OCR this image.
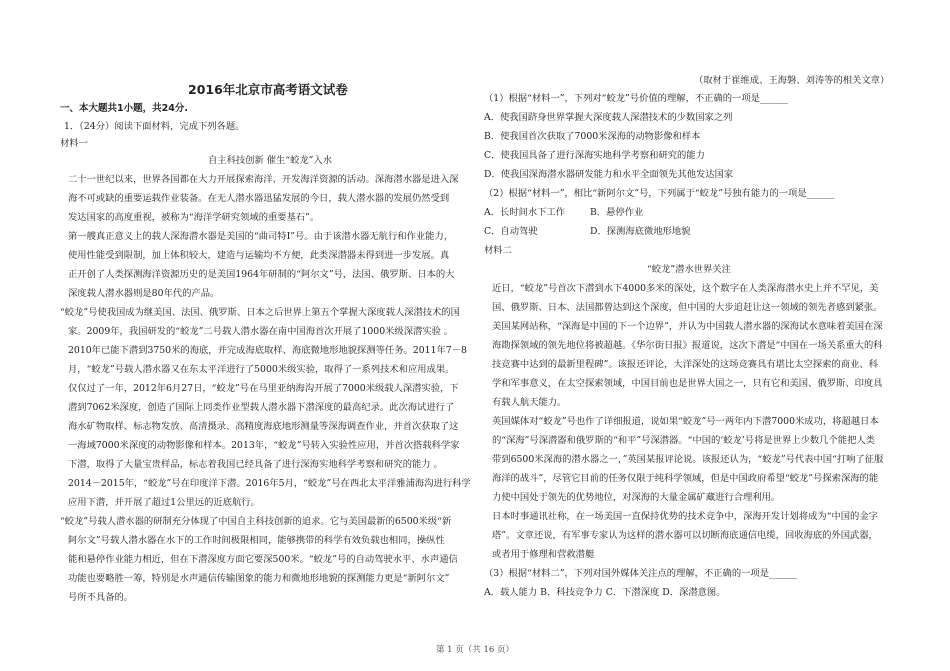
2016年北京市高考语文试卷
一、本大题共1小题，共24分.
1．（24分）阅读下面材料，完成下列各题。
材料一
自主科技创新 催生“蛟龙”入水
二十一世纪以来，世界各国都在大力开展探索海洋、开发海洋资源的活动。深海潜水器是进入深
海不可或缺的重要运载作业装备。在无人潜水器迅猛发展的今日，载人潜水器的发展仍然受到
发达国家的高度重视，被称为“海洋学研究领域的重要基石”。
第一艘真正意义上的载人深海潜水器是美国的“曲司特Ⅰ”号。由于该潜水器无航行和作业能力，
使用性能受到限制，加上体积较大，建造与运输均不方便，此类深潜器未得到进一步发展。真
正开创了人类探测海洋资源历史的是美国1964年研制的“阿尔文”号，法国、俄罗斯、日本的大
深度载人潜水器则是80年代的产品。
“蛟龙”号使我国成为继美国、法国、俄罗斯、日本之后世界上第五个掌握大深度载人深潜技术的国
家。2009年，我国研发的“蛟龙”二号载人潜水器在南中国海首次开展了1000米级深潜实验 。
2010年已能下潜到3750米的海底，并完成海底取样、海底微地形地貌探测等任务。2011年7－8
月，“蛟龙”号载人潜水器又在东太平洋进行了5000米级实验，取得了一系列技术和应用成果。
仅仅过了一年，2012年6月27日，“蛟龙”号在马里亚纳海沟开展了7000米级载人深潜实验，下
潜到7062米深度，创造了国际上同类作业型载人潜水器下潜深度的最高纪录。此次海试进行了
海水矿物取样、标志物发放、高清摄录、高精度海底地形测量等深海调查作业，并首次获取了这
一海域7000米深度的动物影像和样本。2013年，“蛟龙”号转入实验性应用，并首次搭载科学家
下潜，取得了大量宝贵样品，标志着我国已经具备了进行深海实地科学考察和研究的能力 。
2014－2015年，“蛟龙”号在印度洋下潜。2016年5月，“蛟龙”号在西北太平洋雅浦海沟进行科学
应用下潜，并开展了超过1公里远的近底航行。
“蛟龙”号载人潜水器的研制充分体现了中国自主科技创新的追求。它与美国最新的6500米级“新
阿尔文”号载人潜水器在水下的工作时间极限相同，能够携带的科学有效负载也相同，操纵性
能和悬停作业能力相近，但在下潜深度方面它要深500米。“蛟龙”号的自动驾驶水平、水声通信
功能也要略胜一筹，特别是水声通信传输图象的能力和微地形地貌的探测能力更是“新阿尔文”
号所不具备的。
（取材于崔维成、王海磐、刘涛等的相关文章）
（1）根据“材料一”，下列对“蛟龙”号价值的理解，不正确的一项是______
A．使我国跻身世界掌握大深度载人深潜技术的少数国家之列
B．使我国首次获取了7000米深海的动物影像和样本
C．使我国具备了进行深海实地科学考察和研究的能力
D．使我国深海潜水器研发能力和水平全面领先其他发达国家
（2）根据“材料一”，相比“新阿尔文”号，下列属于“蛟龙”号独有能力的一项是______
A．长时间水下工作	B．悬停作业
C．自动驾驶	D．探测海底微地形地貌
材料二
“蛟龙”潜水世界关注
近日，“蛟龙”号首次下潜到水下4000多米的深处，这个数字在人类深海潜水史上并不罕见，美
国、俄罗斯、日本、法国都曾达到这个深度，但中国的大步追赶让这一领域的领先者感到紧张。
美国某网站称，“深海是中国的下一个边界”，并认为中国载人潜水器的深海试水意味着美国在深
海勘探领域的领先地位将被超越。《华尔街日报》报道说，这次下潜是“中国在一场关系重大的科
技竞赛中达到的最新里程碑”。该报还评论，大洋深处的这场竞赛具有堪比太空探索的商业、科
学和军事意义，在太空探索领域，中国目前也是世界大国之一，只有它和美国、俄罗斯、印度具
有载人航天能力。
英国媒体对“蛟龙”号也作了详细报道，说如果“蛟龙”号一两年内下潜7000米成功，将超越日本
的“深海”号深潜器和俄罗斯的“和平”号深潜器。“中国的‘蛟龙’号将是世界上少数几个能把人类
带到6500米深海的潜水器之一，”英国某报评论说。该报还认为，“蛟龙”号代表中国“打响了征服
海洋的战斗”，尽管它目前的任务仅限于纯科学领域，但是中国政府希望“蛟龙”号探索深海的能
力使中国处于领先的优势地位，对深海的大量金属矿藏进行合理利用。
日本时事通讯社称，在一场美国一直保持优势的技术竞争中，深海开发计划将成为“中国的金字
塔”。文章还说，有军事专家认为这样的潜水器可以切断海底通信电缆，回收海底的外国武器，
或者用于修理和营救潜艇
（3）根据“材料二”，下列对国外媒体关注点的理解，不正确的一项是______
A．载人能力 B．科技竞争力 C．下潜深度 D．深潜意图。
第 1 页（共 16 页）
